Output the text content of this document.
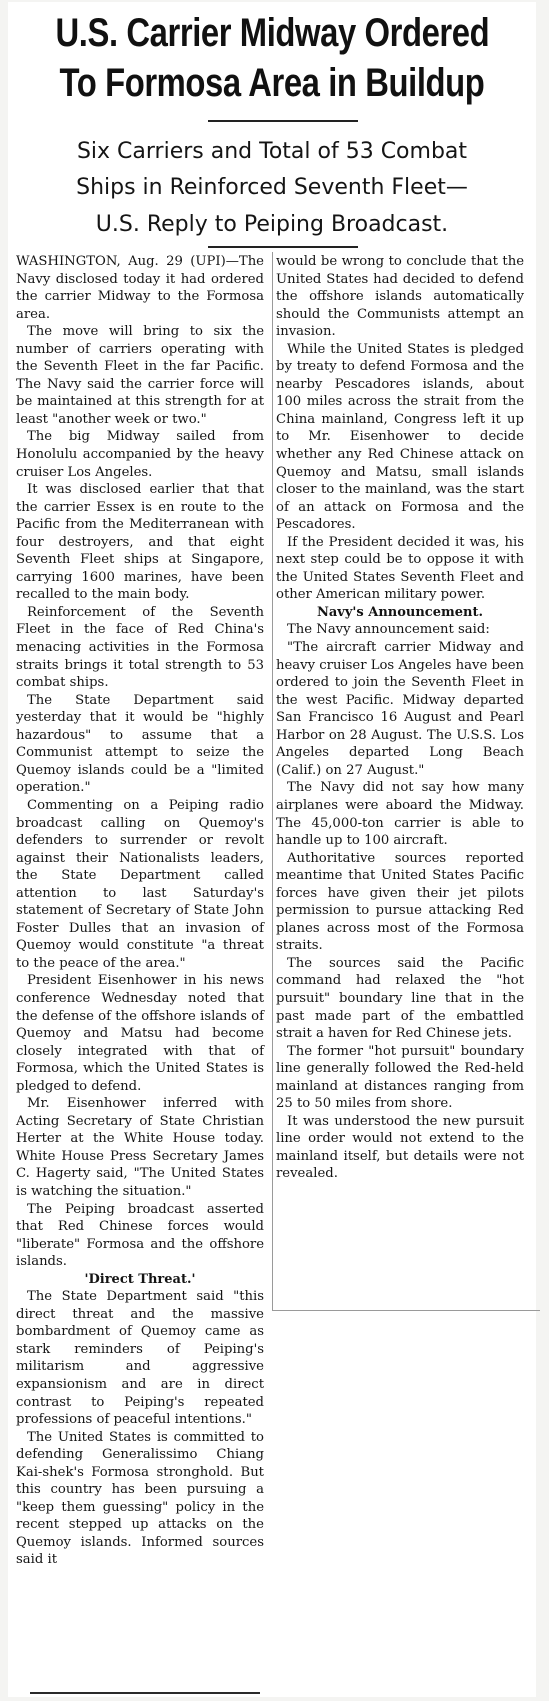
U.S. Carrier Midway Ordered
To Formosa Area in Buildup
Six Carriers and Total of 53 Combat
Ships in Reinforced Seventh Fleet—
U.S. Reply to Peiping Broadcast.

WASHINGTON, Aug. 29 (UPI)—The Navy disclosed today it had ordered the carrier Midway to the Formosa area.

The move will bring to six the number of carriers operating with the Seventh Fleet in the far Pacific. The Navy said the carrier force will be maintained at this strength for at least "another week or two."

The big Midway sailed from Honolulu accompanied by the heavy cruiser Los Angeles.

It was disclosed earlier that that the carrier Essex is en route to the Pacific from the Mediterranean with four destroyers, and that eight Seventh Fleet ships at Singapore, carrying 1600 marines, have been recalled to the main body.

Reinforcement of the Seventh Fleet in the face of Red China's menacing activities in the Formosa straits brings it total strength to 53 combat ships.

The State Department said yesterday that it would be "highly hazardous" to assume that a Communist attempt to seize the Quemoy islands could be a "limited operation."

Commenting on a Peiping radio broadcast calling on Quemoy's defenders to surrender or revolt against their Nationalists leaders, the State Department called attention to last Saturday's statement of Secretary of State John Foster Dulles that an invasion of Quemoy would constitute "a threat to the peace of the area."

President Eisenhower in his news conference Wednesday noted that the defense of the offshore islands of Quemoy and Matsu had become closely integrated with that of Formosa, which the United States is pledged to defend.

Mr. Eisenhower inferred with Acting Secretary of State Christian Herter at the White House today. White House Press Secretary James C. Hagerty said, "The United States is watching the situation."

The Peiping broadcast asserted that Red Chinese forces would "liberate" Formosa and the offshore islands.

'Direct Threat.'

The State Department said "this direct threat and the massive bombardment of Quemoy came as stark reminders of Peiping's militarism and aggressive expansionism and are in direct contrast to Peiping's repeated professions of peaceful intentions."

The United States is committed to defending Generalissimo Chiang Kai-shek's Formosa stronghold. But this country has been pursuing a "keep them guessing" policy in the recent stepped up attacks on the Quemoy islands. Informed sources said it

would be wrong to conclude that the United States had decided to defend the offshore islands automatically should the Communists attempt an invasion.

While the United States is pledged by treaty to defend Formosa and the nearby Pescadores islands, about 100 miles across the strait from the China mainland, Congress left it up to Mr. Eisenhower to decide whether any Red Chinese attack on Quemoy and Matsu, small islands closer to the mainland, was the start of an attack on Formosa and the Pescadores.

If the President decided it was, his next step could be to oppose it with the United States Seventh Fleet and other American military power.

Navy's Announcement.

The Navy announcement said:

"The aircraft carrier Midway and heavy cruiser Los Angeles have been ordered to join the Seventh Fleet in the west Pacific. Midway departed San Francisco 16 August and Pearl Harbor on 28 August. The U.S.S. Los Angeles departed Long Beach (Calif.) on 27 August."

The Navy did not say how many airplanes were aboard the Midway. The 45,000-ton carrier is able to handle up to 100 aircraft.

Authoritative sources reported meantime that United States Pacific forces have given their jet pilots permission to pursue attacking Red planes across most of the Formosa straits.

The sources said the Pacific command had relaxed the "hot pursuit" boundary line that in the past made part of the embattled strait a haven for Red Chinese jets.

The former "hot pursuit" boundary line generally followed the Red-held mainland at distances ranging from 25 to 50 miles from shore.

It was understood the new pursuit line order would not extend to the mainland itself, but details were not revealed.
